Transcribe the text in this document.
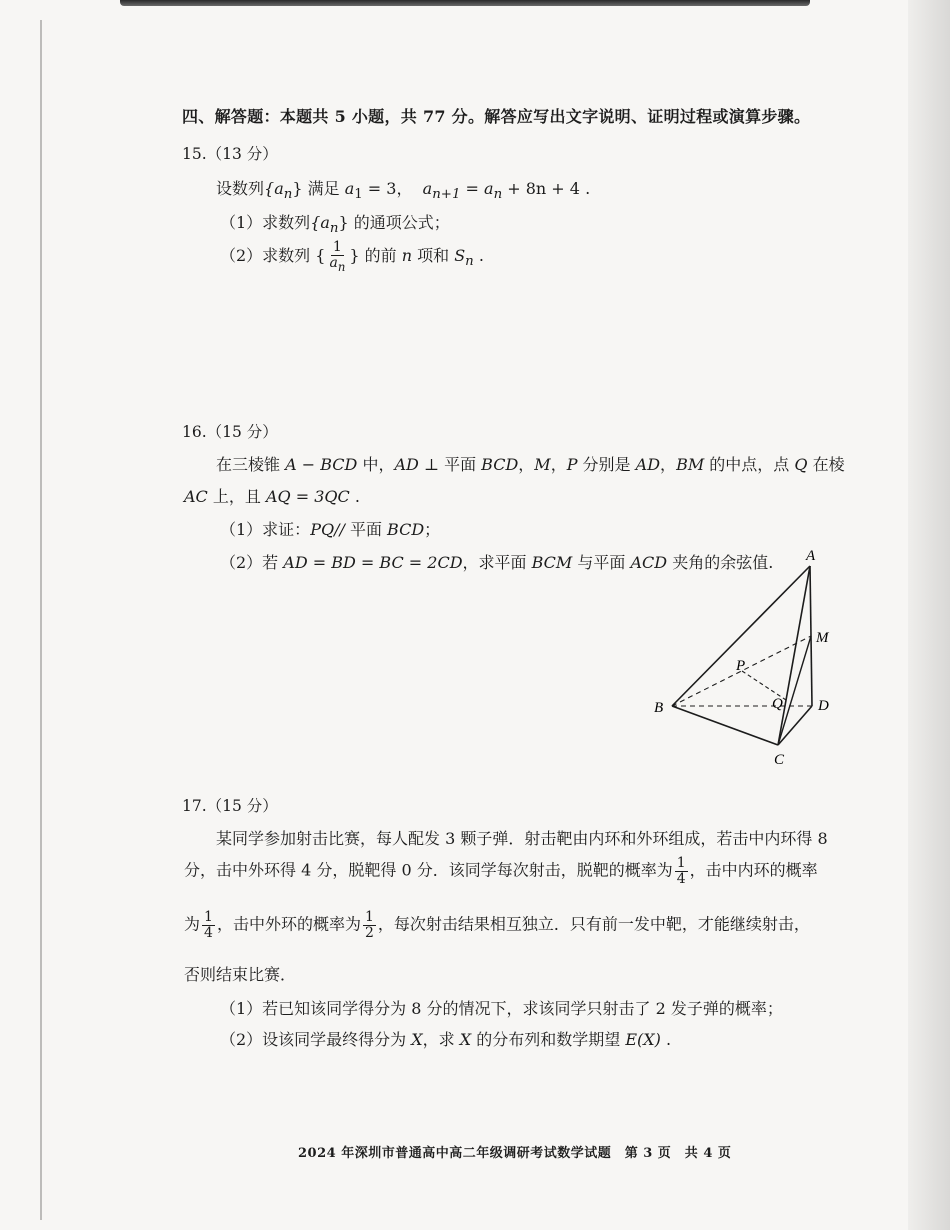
四、解答题：本题共 5 小题，共 77 分。解答应写出文字说明、证明过程或演算步骤。
15.（13 分）
设数列$\{a_n\}$ 满足 $a_1 = 3$， $a_{n+1} = a_n + 8n + 4$ .
（1）求数列$\{a_n\}$ 的通项公式；
（2）求数列 { $\frac{1}{a_n}$ } 的前 n 项和 $S_n$ .
16.（15 分）
在三棱锥 A − BCD 中，AD ⊥ 平面 BCD，M，P 分别是 AD，BM 的中点，点 Q 在棱
AC 上，且 AQ = 3QC .
（1）求证：PQ// 平面 BCD；
（2）若 AD = BD = BC = 2CD，求平面 BCM 与平面 ACD 夹角的余弦值. A
M
P
Q
B	D
C
17.（15 分）
某同学参加射击比赛，每人配发 3 颗子弹．射击靶由内环和外环组成，若击中内环得 8
分，击中外环得 4 分，脱靶得 0 分．该同学每次射击，脱靶的概率为 $\frac{1}{4}$ ，击中内环的概率
为 $\frac{1}{4}$ ，击中外环的概率为 $\frac{1}{2}$ ，每次射击结果相互独立．只有前一发中靶，才能继续射击，
否则结束比赛．
（1）若已知该同学得分为 8 分的情况下，求该同学只射击了 2 发子弹的概率；
（2）设该同学最终得分为 X，求 X 的分布列和数学期望 E(X) .
2024 年深圳市普通高中高二年级调研考试数学试题　第 3 页　共 4 页
